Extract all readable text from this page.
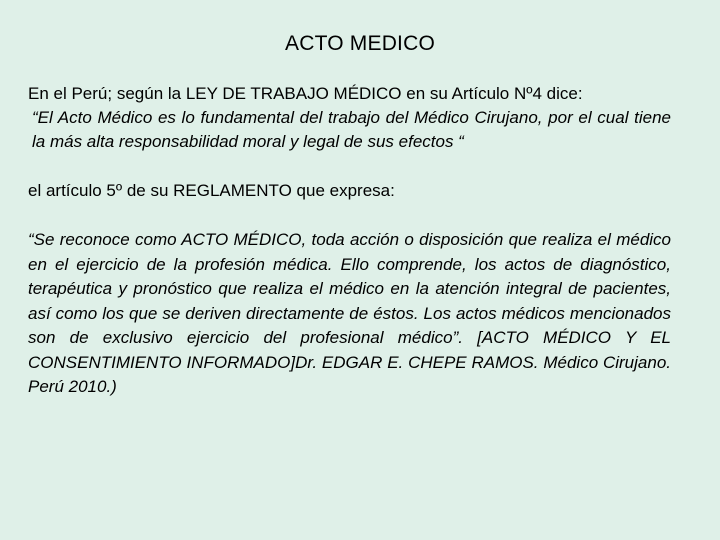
ACTO MEDICO

En el Perú; según la LEY DE TRABAJO MÉDICO en su Artículo Nº4 dice:

“El Acto Médico es lo fundamental del trabajo del Médico Cirujano, por el cual tiene la más alta responsabilidad moral y legal de sus efectos “

el artículo 5º de su REGLAMENTO que expresa:

“Se reconoce como ACTO MÉDICO, toda acción o disposición que realiza el médico en el ejercicio de la profesión médica. Ello comprende, los actos de diagnóstico, terapéutica y pronóstico que realiza el médico en la atención integral de pacientes, así como los que se deriven directamente de éstos. Los actos médicos mencionados son de exclusivo ejercicio del profesional médico”. [ACTO MÉDICO Y EL CONSENTIMIENTO INFORMADO]Dr. EDGAR E. CHEPE RAMOS. Médico Cirujano. Perú 2010.)
